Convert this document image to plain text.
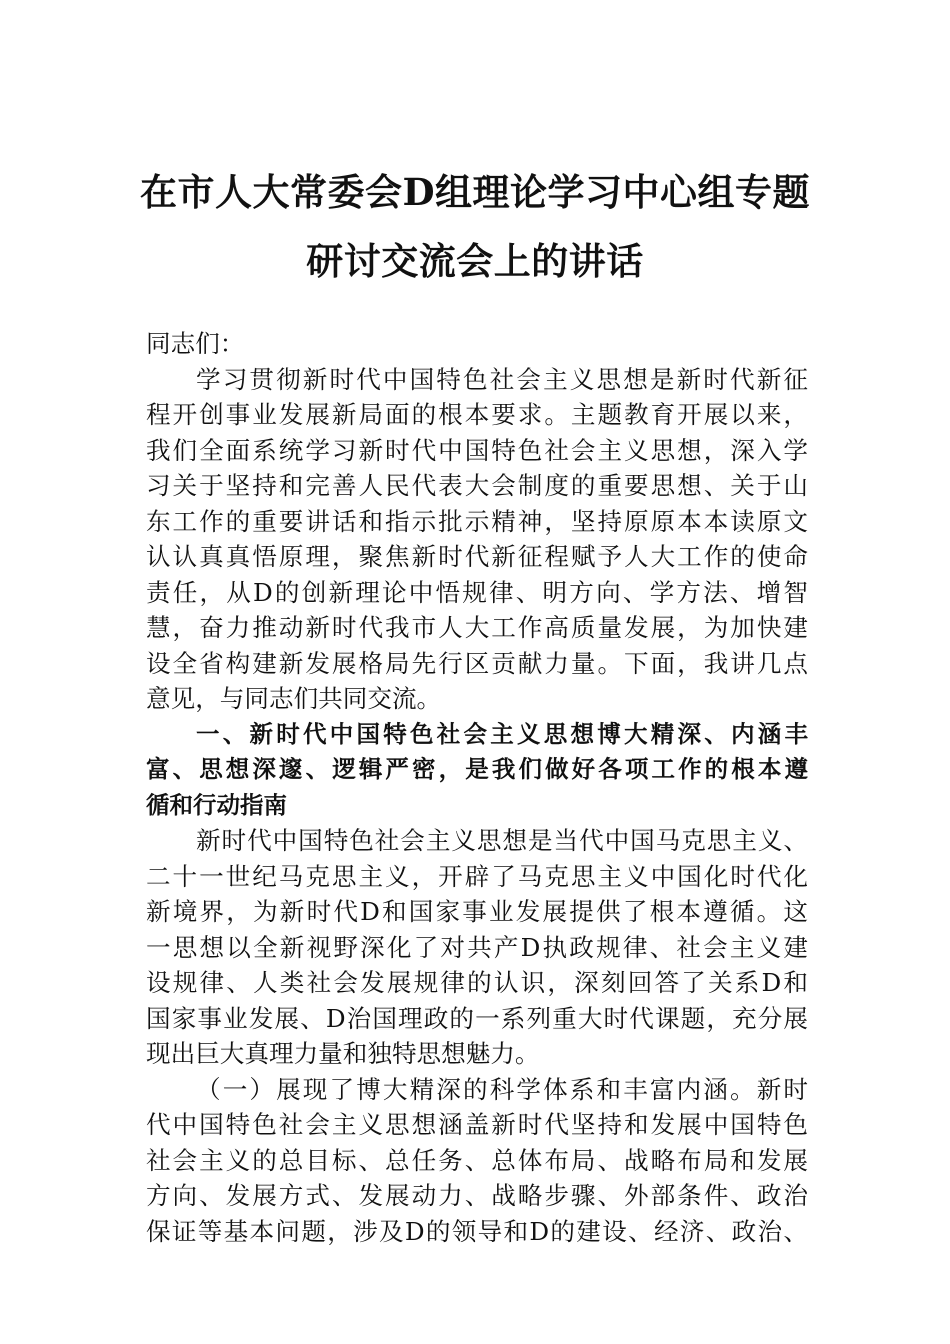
在市人大常委会D组理论学习中心组专题
研讨交流会上的讲话
同志们：
学习贯彻新时代中国特色社会主义思想是新时代新征
程开创事业发展新局面的根本要求。主题教育开展以来，
我们全面系统学习新时代中国特色社会主义思想，深入学
习关于坚持和完善人民代表大会制度的重要思想、关于山
东工作的重要讲话和指示批示精神，坚持原原本本读原文
认认真真悟原理，聚焦新时代新征程赋予人大工作的使命
责任，从D的创新理论中悟规律、明方向、学方法、增智
慧，奋力推动新时代我市人大工作高质量发展，为加快建
设全省构建新发展格局先行区贡献力量。下面，我讲几点
意见，与同志们共同交流。
一、新时代中国特色社会主义思想博大精深、内涵丰
富、思想深邃、逻辑严密，是我们做好各项工作的根本遵
循和行动指南
新时代中国特色社会主义思想是当代中国马克思主义、
二十一世纪马克思主义，开辟了马克思主义中国化时代化
新境界，为新时代D和国家事业发展提供了根本遵循。这
一思想以全新视野深化了对共产D执政规律、社会主义建
设规律、人类社会发展规律的认识，深刻回答了关系D和
国家事业发展、D治国理政的一系列重大时代课题，充分展
现出巨大真理力量和独特思想魅力。
（一）展现了博大精深的科学体系和丰富内涵。新时
代中国特色社会主义思想涵盖新时代坚持和发展中国特色
社会主义的总目标、总任务、总体布局、战略布局和发展
方向、发展方式、发展动力、战略步骤、外部条件、政治
保证等基本问题，涉及D的领导和D的建设、经济、政治、
